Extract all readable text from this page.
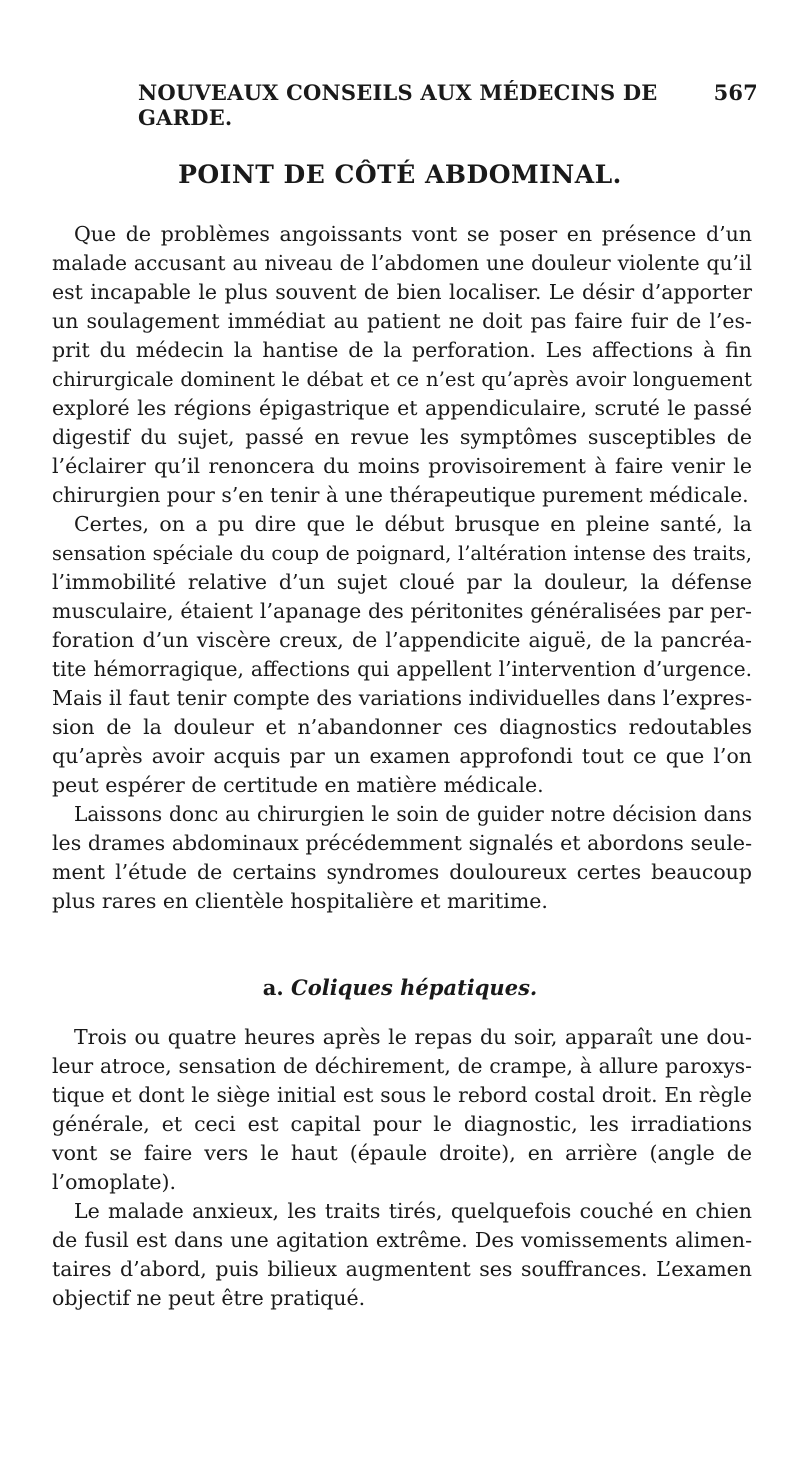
NOUVEAUX CONSEILS AUX MÉDECINS DE GARDE.
567
POINT DE CÔTÉ ABDOMINAL.
Que de problèmes angoissants vont se poser en présence d’un
malade accusant au niveau de l’abdomen une douleur violente qu’il
est incapable le plus souvent de bien localiser. Le désir d’apporter
un soulagement immédiat au patient ne doit pas faire fuir de l’es-
prit du médecin la hantise de la perforation. Les affections à fin
chirurgicale dominent le débat et ce n’est qu’après avoir longuement
exploré les régions épigastrique et appendiculaire, scruté le passé
digestif du sujet, passé en revue les symptômes susceptibles de
l’éclairer qu’il renoncera du moins provisoirement à faire venir le
chirurgien pour s’en tenir à une thérapeutique purement médicale.
Certes, on a pu dire que le début brusque en pleine santé, la
sensation spéciale du coup de poignard, l’altération intense des traits,
l’immobilité relative d’un sujet cloué par la douleur, la défense
musculaire, étaient l’apanage des péritonites généralisées par per-
foration d’un viscère creux, de l’appendicite aiguë, de la pancréa-
tite hémorragique, affections qui appellent l’intervention d’urgence.
Mais il faut tenir compte des variations individuelles dans l’expres-
sion de la douleur et n’abandonner ces diagnostics redoutables
qu’après avoir acquis par un examen approfondi tout ce que l’on
peut espérer de certitude en matière médicale.
Laissons donc au chirurgien le soin de guider notre décision dans
les drames abdominaux précédemment signalés et abordons seule-
ment l’étude de certains syndromes douloureux certes beaucoup
plus rares en clientèle hospitalière et maritime.
a. Coliques hépatiques.
Trois ou quatre heures après le repas du soir, apparaît une dou-
leur atroce, sensation de déchirement, de crampe, à allure paroxys-
tique et dont le siège initial est sous le rebord costal droit. En règle
générale, et ceci est capital pour le diagnostic, les irradiations
vont se faire vers le haut (épaule droite), en arrière (angle de
l’omoplate).
Le malade anxieux, les traits tirés, quelquefois couché en chien
de fusil est dans une agitation extrême. Des vomissements alimen-
taires d’abord, puis bilieux augmentent ses souffrances. L’examen
objectif ne peut être pratiqué.
